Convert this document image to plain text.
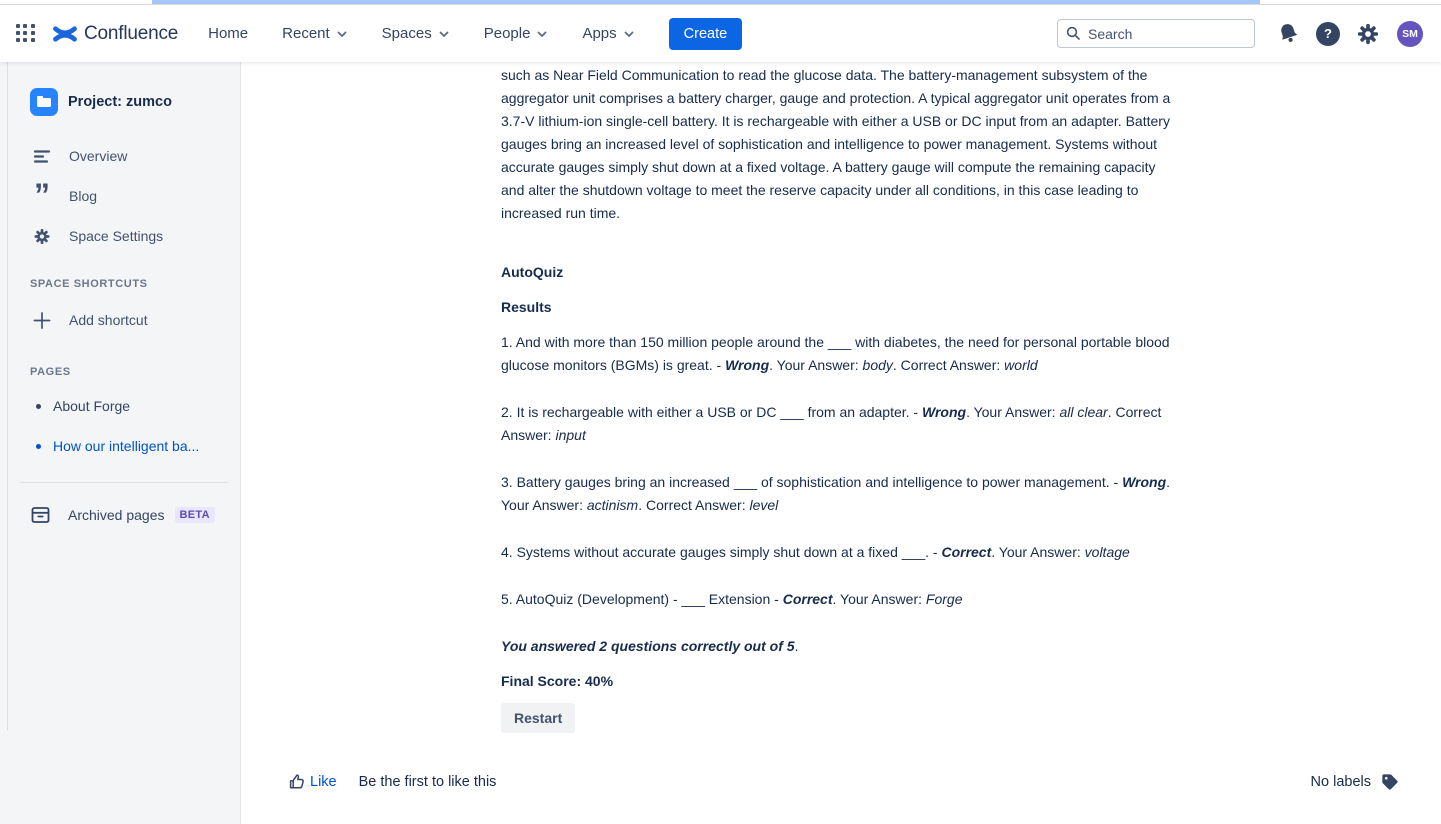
Confluence Home Recent	Spaces	People	Apps	Create
Search	?	SM
Project: zumco
Overview
”
Blog
Space Settings
SPACE SHORTCUTS
Add shortcut
PAGES
About Forge
How our intelligent ba...
Archived pages	BETA

such as Near Field Communication to read the glucose data. The battery-management subsystem of the aggregator unit comprises a battery charger, gauge and protection. A typical aggregator unit operates from a 3.7-V lithium-ion single-cell battery. It is rechargeable with either a USB or DC input from an adapter. Battery gauges bring an increased level of sophistication and intelligence to power management. Systems without accurate gauges simply shut down at a fixed voltage. A battery gauge will compute the remaining capacity and alter the shutdown voltage to meet the reserve capacity under all conditions, in this case leading to increased run time.

AutoQuiz

Results

1. And with more than 150 million people around the ___ with diabetes, the need for personal portable blood glucose monitors (BGMs) is great. - Wrong. Your Answer: body. Correct Answer: world

2. It is rechargeable with either a USB or DC ___ from an adapter. - Wrong. Your Answer: all clear. Correct Answer: input

3. Battery gauges bring an increased ___ of sophistication and intelligence to power management. - Wrong. Your Answer: actinism. Correct Answer: level

4. Systems without accurate gauges simply shut down at a fixed ___. - Correct. Your Answer: voltage

5. AutoQuiz (Development) - ___ Extension - Correct. Your Answer: Forge

You answered 2 questions correctly out of 5.

Final Score: 40%

Restart
Like Be the first to like this	No labels
